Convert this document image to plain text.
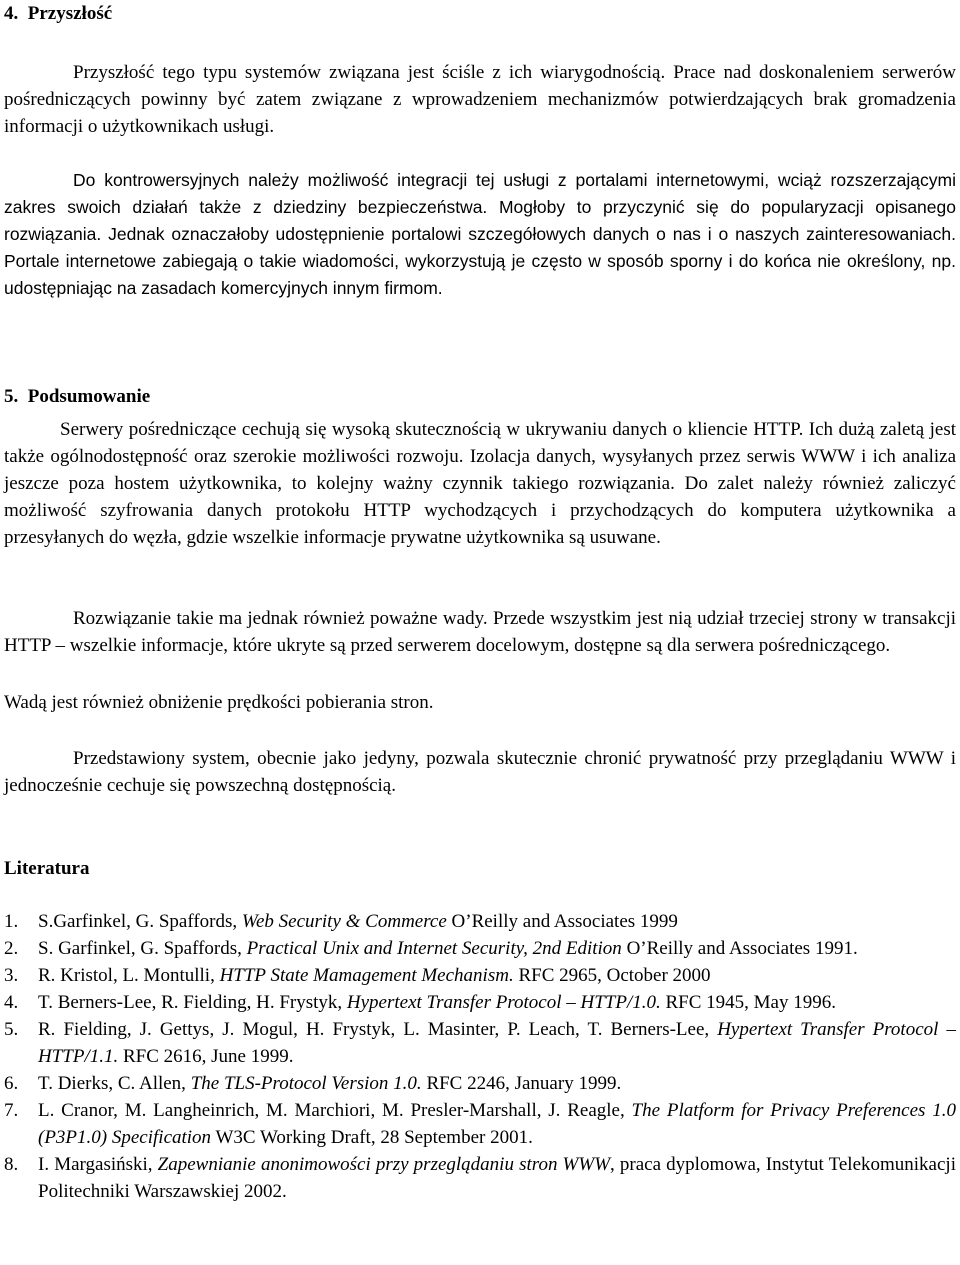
4. Przyszłość

Przyszłość tego typu systemów związana jest ściśle z ich wiarygodnością. Prace nad doskonaleniem serwerów pośredniczących powinny być zatem związane z wprowadzeniem mechanizmów potwierdzających brak gromadzenia informacji o użytkownikach usługi.

Do kontrowersyjnych należy możliwość integracji tej usługi z portalami internetowymi, wciąż rozszerzającymi zakres swoich działań także z dziedziny bezpieczeństwa. Mogłoby to przyczynić się do popularyzacji opisanego rozwiązania. Jednak oznaczałoby udostępnienie portalowi szczegółowych danych o nas i o naszych zainteresowaniach. Portale internetowe zabiegają o takie wiadomości, wykorzystują je często w sposób sporny i do końca nie określony, np. udostępniając na zasadach komercyjnych innym firmom.

5. Podsumowanie

Serwery pośredniczące cechują się wysoką skutecznością w ukrywaniu danych o kliencie HTTP. Ich dużą zaletą jest także ogólnodostępność oraz szerokie możliwości rozwoju. Izolacja danych, wysyłanych przez serwis WWW i ich analiza jeszcze poza hostem użytkownika, to kolejny ważny czynnik takiego rozwiązania. Do zalet należy również zaliczyć możliwość szyfrowania danych protokołu HTTP wychodzących i przychodzących do komputera użytkownika a przesyłanych do węzła, gdzie wszelkie informacje prywatne użytkownika są usuwane.

Rozwiązanie takie ma jednak również poważne wady. Przede wszystkim jest nią udział trzeciej strony w transakcji HTTP – wszelkie informacje, które ukryte są przed serwerem docelowym, dostępne są dla serwera pośredniczącego.

Wadą jest również obniżenie prędkości pobierania stron.

Przedstawiony system, obecnie jako jedyny, pozwala skutecznie chronić prywatność przy przeglądaniu WWW i jednocześnie cechuje się powszechną dostępnością.

Literatura
1.	S.Garfinkel, G. Spaffords, Web Security & Commerce O’Reilly and Associates 1999
2.	S. Garfinkel, G. Spaffords, Practical Unix and Internet Security, 2nd Edition O’Reilly and Associates 1991.
3.	R. Kristol, L. Montulli, HTTP State Mamagement Mechanism. RFC 2965, October 2000
4.	T. Berners-Lee, R. Fielding, H. Frystyk, Hypertext Transfer Protocol – HTTP/1.0. RFC 1945, May 1996.
5.	R. Fielding, J. Gettys, J. Mogul, H. Frystyk, L. Masinter, P. Leach, T. Berners-Lee, Hypertext Transfer Protocol – HTTP/1.1. RFC 2616, June 1999.
6.	T. Dierks, C. Allen, The TLS-Protocol Version 1.0. RFC 2246, January 1999.
7.	L. Cranor, M. Langheinrich, M. Marchiori, M. Presler-Marshall, J. Reagle, The Platform for Privacy Preferences 1.0 (P3P1.0) Specification W3C Working Draft, 28 September 2001.
8.	I. Margasiński, Zapewnianie anonimowości przy przeglądaniu stron WWW, praca dyplomowa, Instytut Telekomunikacji Politechniki Warszawskiej 2002.
